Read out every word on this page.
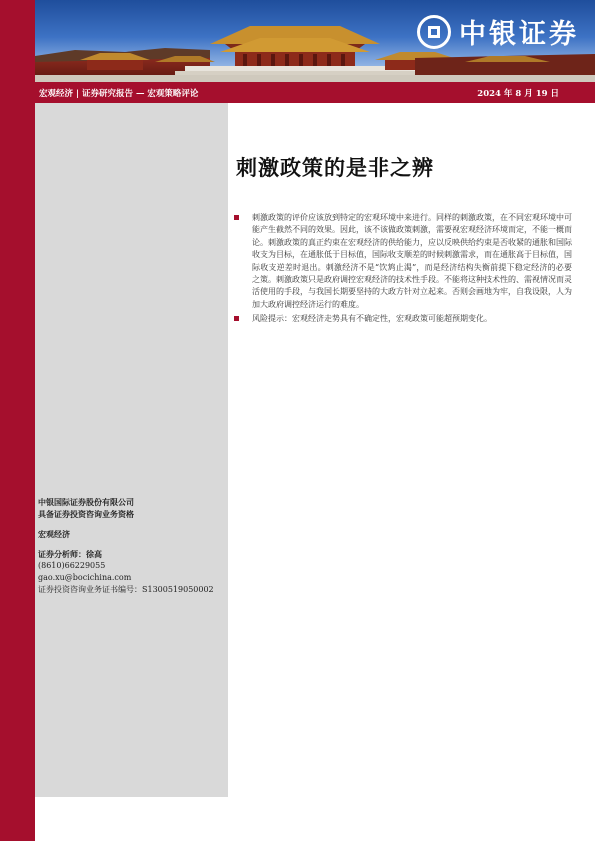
中银证券
宏观经济 | 证券研究报告 — 宏观策略评论	2024 年 8 月 19 日
刺激政策的是非之辨
刺激政策的评价应该放到特定的宏观环境中来进行。同样的刺激政策，在不同宏观环境中可能产生截然不同的效果。因此，该不该做政策刺激，需要视宏观经济环境而定，不能一概而论。刺激政策的真正约束在宏观经济的供给能力，应以反映供给约束是否收紧的通胀和国际收支为目标，在通胀低于目标值，国际收支顺差的时候刺激需求，而在通胀高于目标值，国际收支逆差时退出。刺激经济不是“饮鸩止渴”，而是经济结构失衡前提下稳定经济的必要之策。刺激政策只是政府调控宏观经济的技术性手段。不能将这种技术性的、需视情况而灵活使用的手段，与我国长期要坚持的大政方针对立起来。否则会画地为牢，自我设限，人为加大政府调控经济运行的难度。
风险提示：宏观经济走势具有不确定性，宏观政策可能超预期变化。
中银国际证券股份有限公司
具备证券投资咨询业务资格
宏观经济
证券分析师：徐高
(8610)66229055
gao.xu@bocichina.com
证券投资咨询业务证书编号：S1300519050002
